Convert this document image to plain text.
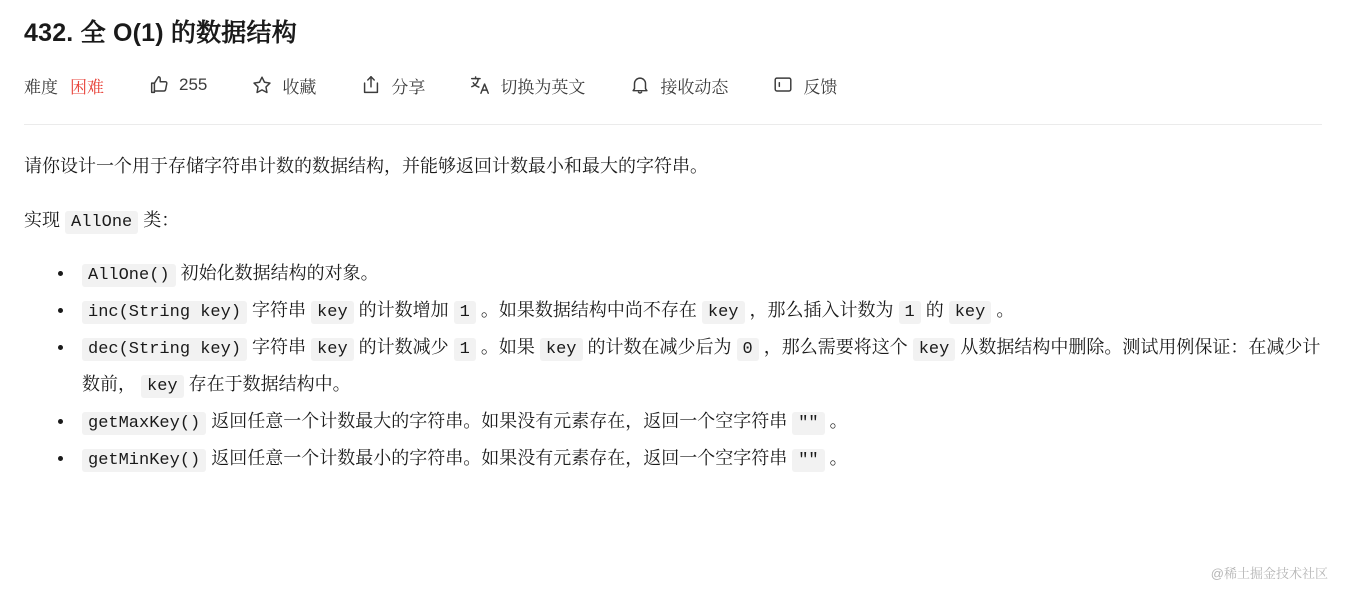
432. 全 O(1) 的数据结构
难度 困难	255	收藏	分享	切换为英文	接收动态	反馈

请你设计一个用于存储字符串计数的数据结构，并能够返回计数最小和最大的字符串。

实现 AllOne 类：

AllOne() 初始化数据结构的对象。
inc(String key) 字符串 key 的计数增加 1 。如果数据结构中尚不存在 key ，那么插入计数为 1 的 key 。
dec(String key) 字符串 key 的计数减少 1 。如果 key 的计数在减少后为 0 ，那么需要将这个 key 从数据结构中删除。测试用例保证：在减少计数前， key 存在于数据结构中。
getMaxKey() 返回任意一个计数最大的字符串。如果没有元素存在，返回一个空字符串 "" 。
getMinKey() 返回任意一个计数最小的字符串。如果没有元素存在，返回一个空字符串 "" 。
@稀土掘金技术社区
